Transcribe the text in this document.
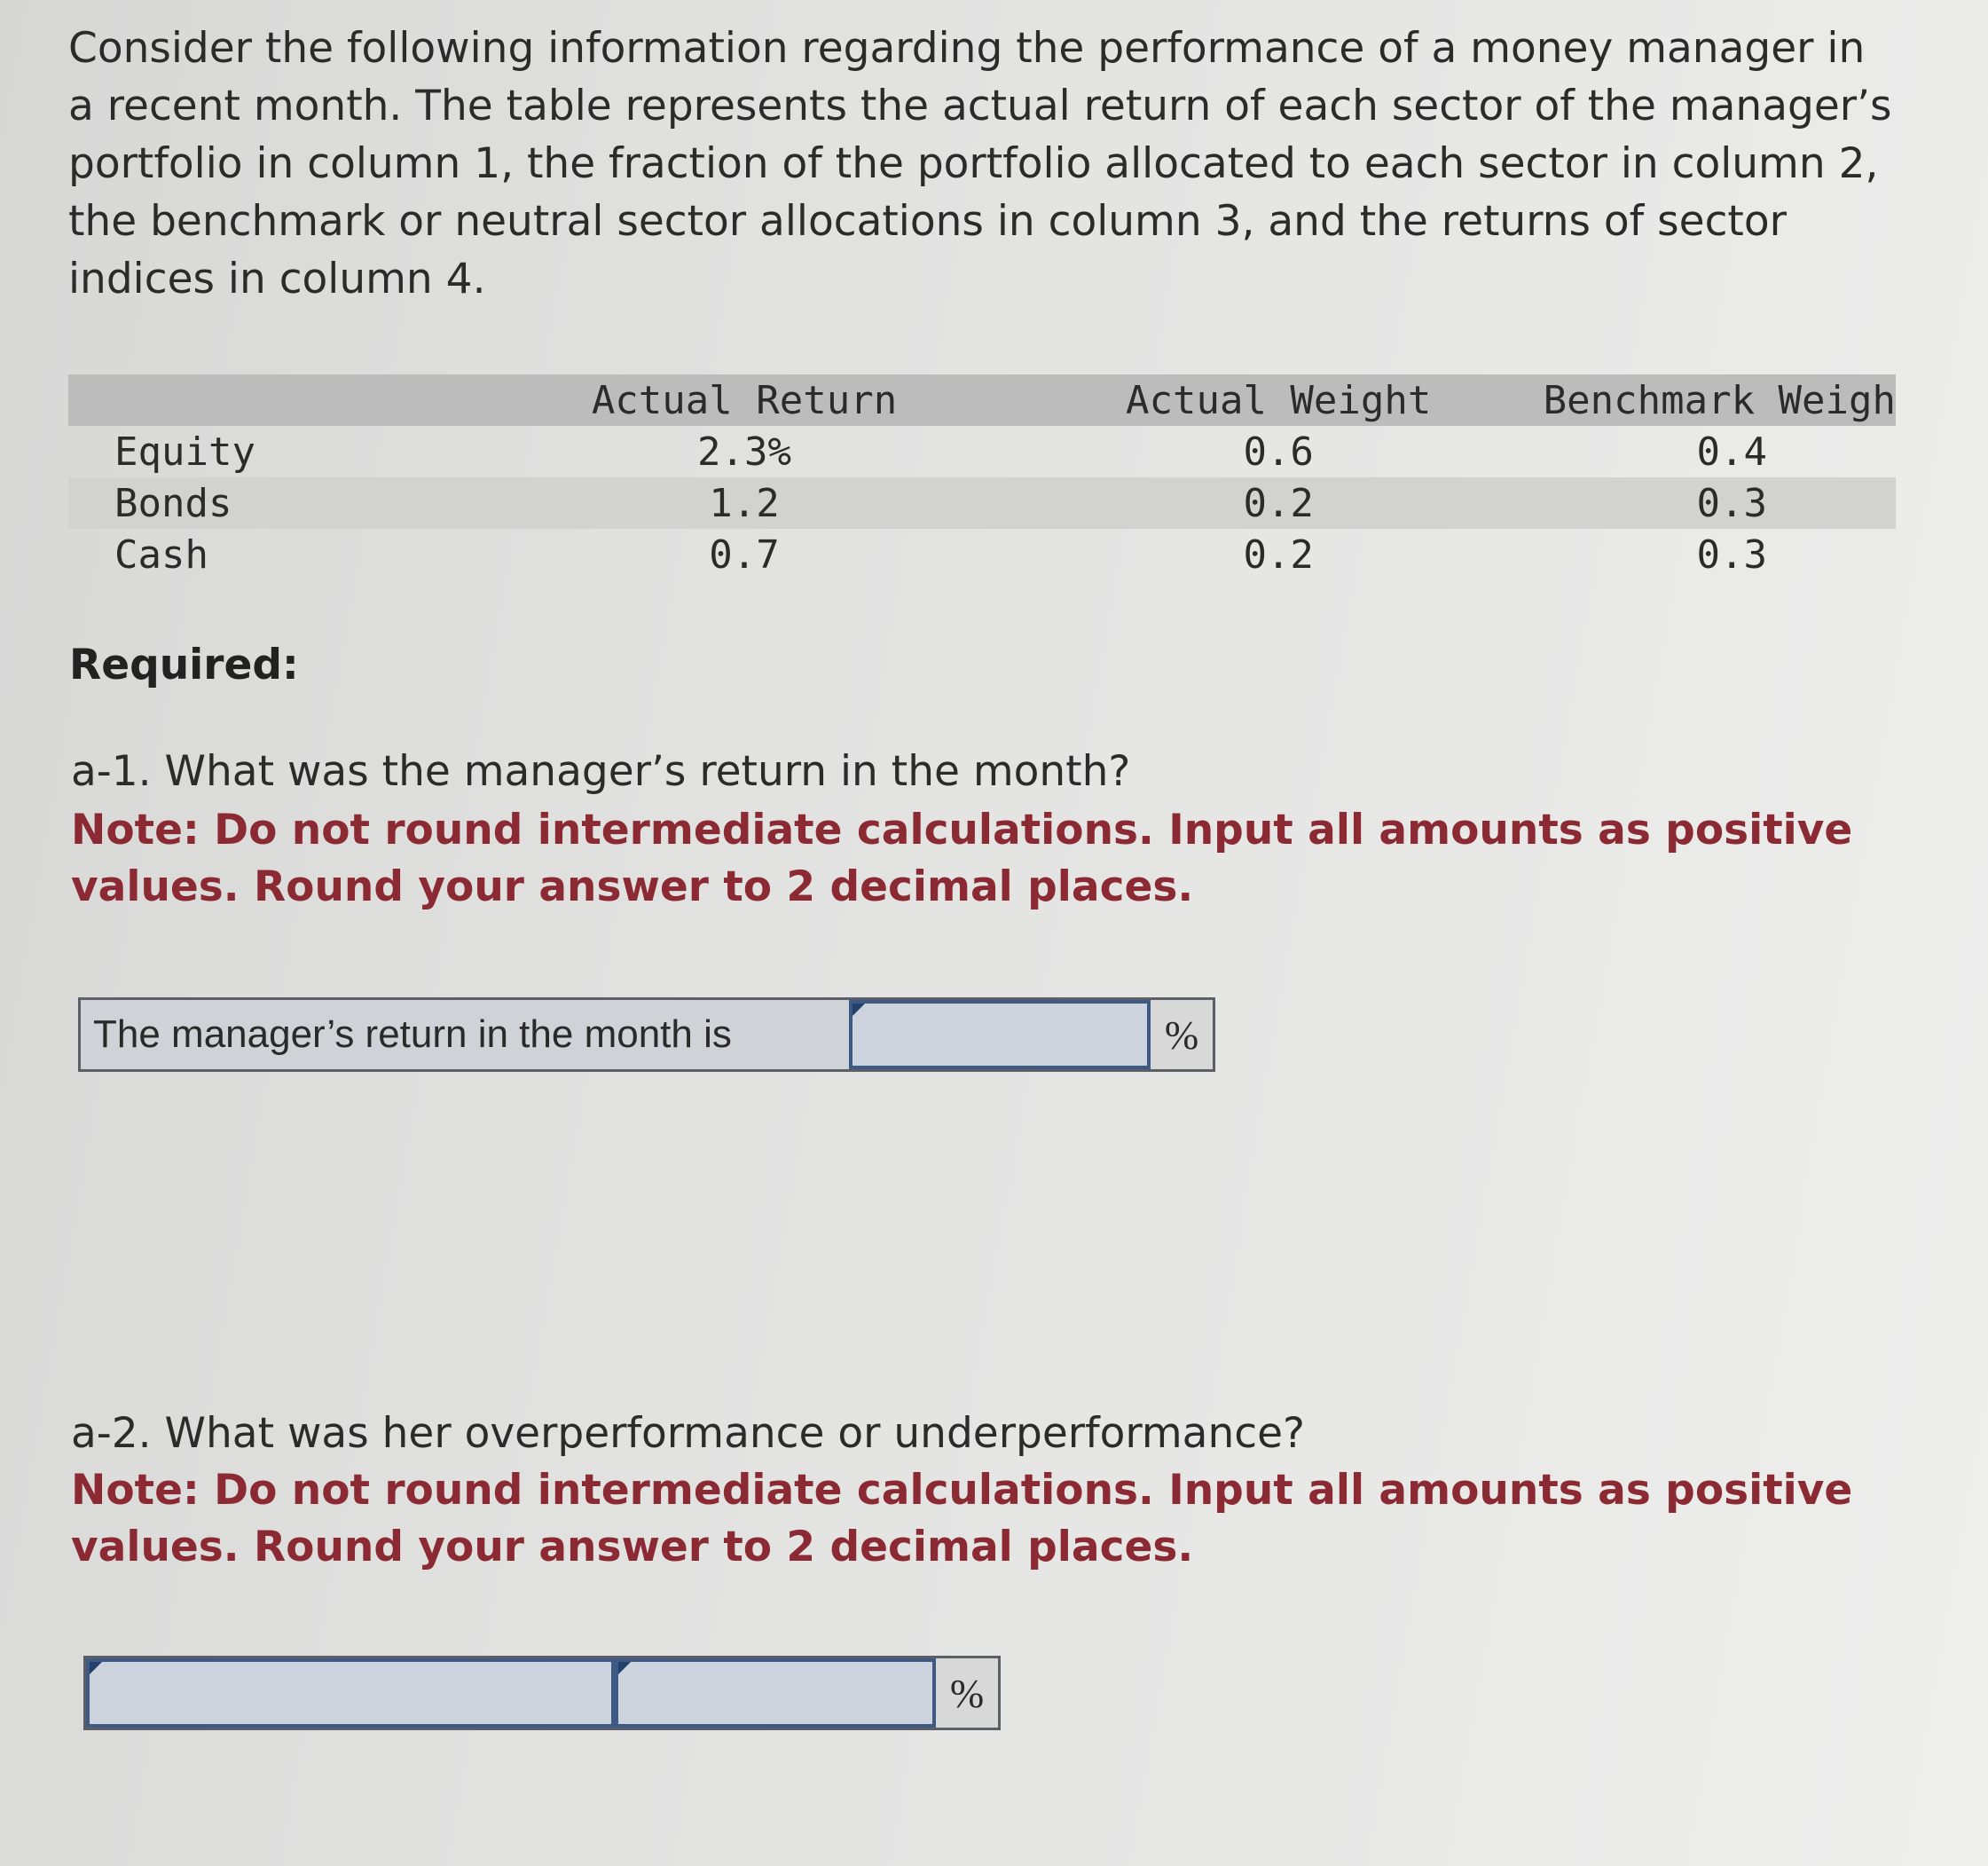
Consider the following information regarding the performance of a money manager in a recent month. The table represents the actual return of each sector of the manager’s portfolio in column 1, the fraction of the portfolio allocated to each sector in column 2, the benchmark or neutral sector allocations in column 3, and the returns of sector indices in column 4.

	Actual Return	Actual Weight	Benchmark Weigh
Equity	2.3%	0.6	0.4
Bonds	1.2	0.2	0.3
Cash	0.7	0.2	0.3
Required:
a-1. What was the manager’s return in the month?
Note: Do not round intermediate calculations. Input all amounts as positive values. Round your answer to 2 decimal places.
The manager’s return in the month is	%
a-2. What was her overperformance or underperformance?
Note: Do not round intermediate calculations. Input all amounts as positive values. Round your answer to 2 decimal places.
%
